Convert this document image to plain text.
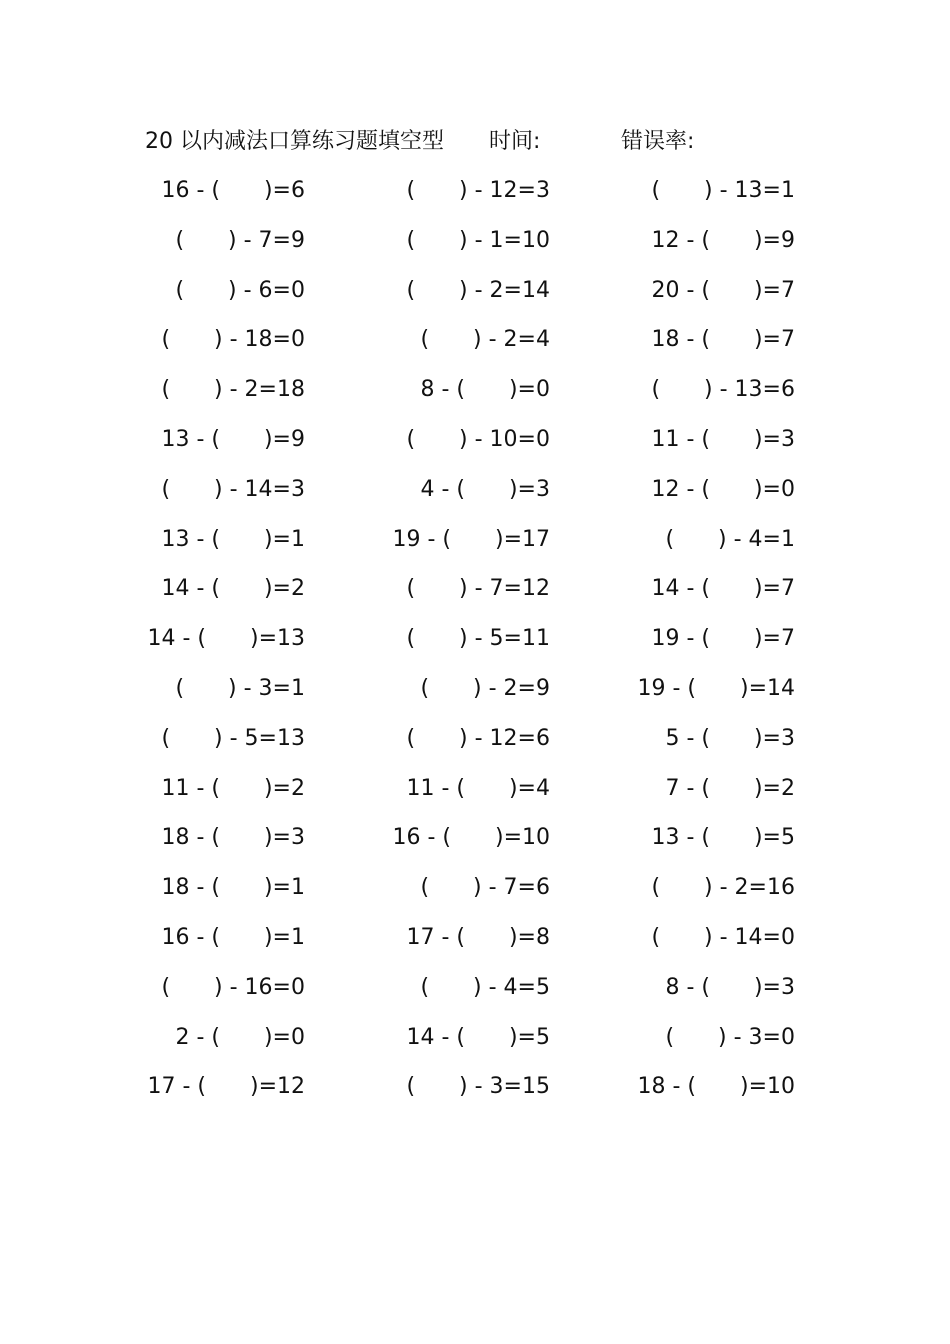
20 以内减法口算练习题填空型 时间:	错误率:
16 - (　　)=6	(　　) - 12=3	(　　) - 13=1
(　　) - 7=9	(　　) - 1=10	12 - (　　)=9
(　　) - 6=0	(　　) - 2=14	20 - (　　)=7
(　　) - 18=0	(　　) - 2=4	18 - (　　)=7
(　　) - 2=18	8 - (　　)=0	(　　) - 13=6
13 - (　　)=9	(　　) - 10=0	11 - (　　)=3
(　　) - 14=3	4 - (　　)=3	12 - (　　)=0
13 - (　　)=1	19 - (　　)=17	(　　) - 4=1
14 - (　　)=2	(　　) - 7=12	14 - (　　)=7
14 - (　　)=13	(　　) - 5=11	19 - (　　)=7
(　　) - 3=1	(　　) - 2=9	19 - (　　)=14
(　　) - 5=13	(　　) - 12=6	5 - (　　)=3
11 - (　　)=2	11 - (　　)=4	7 - (　　)=2
18 - (　　)=3	16 - (　　)=10	13 - (　　)=5
18 - (　　)=1	(　　) - 7=6	(　　) - 2=16
16 - (　　)=1	17 - (　　)=8	(　　) - 14=0
(　　) - 16=0	(　　) - 4=5	8 - (　　)=3
2 - (　　)=0	14 - (　　)=5	(　　) - 3=0
17 - (　　)=12	(　　) - 3=15	18 - (　　)=10
